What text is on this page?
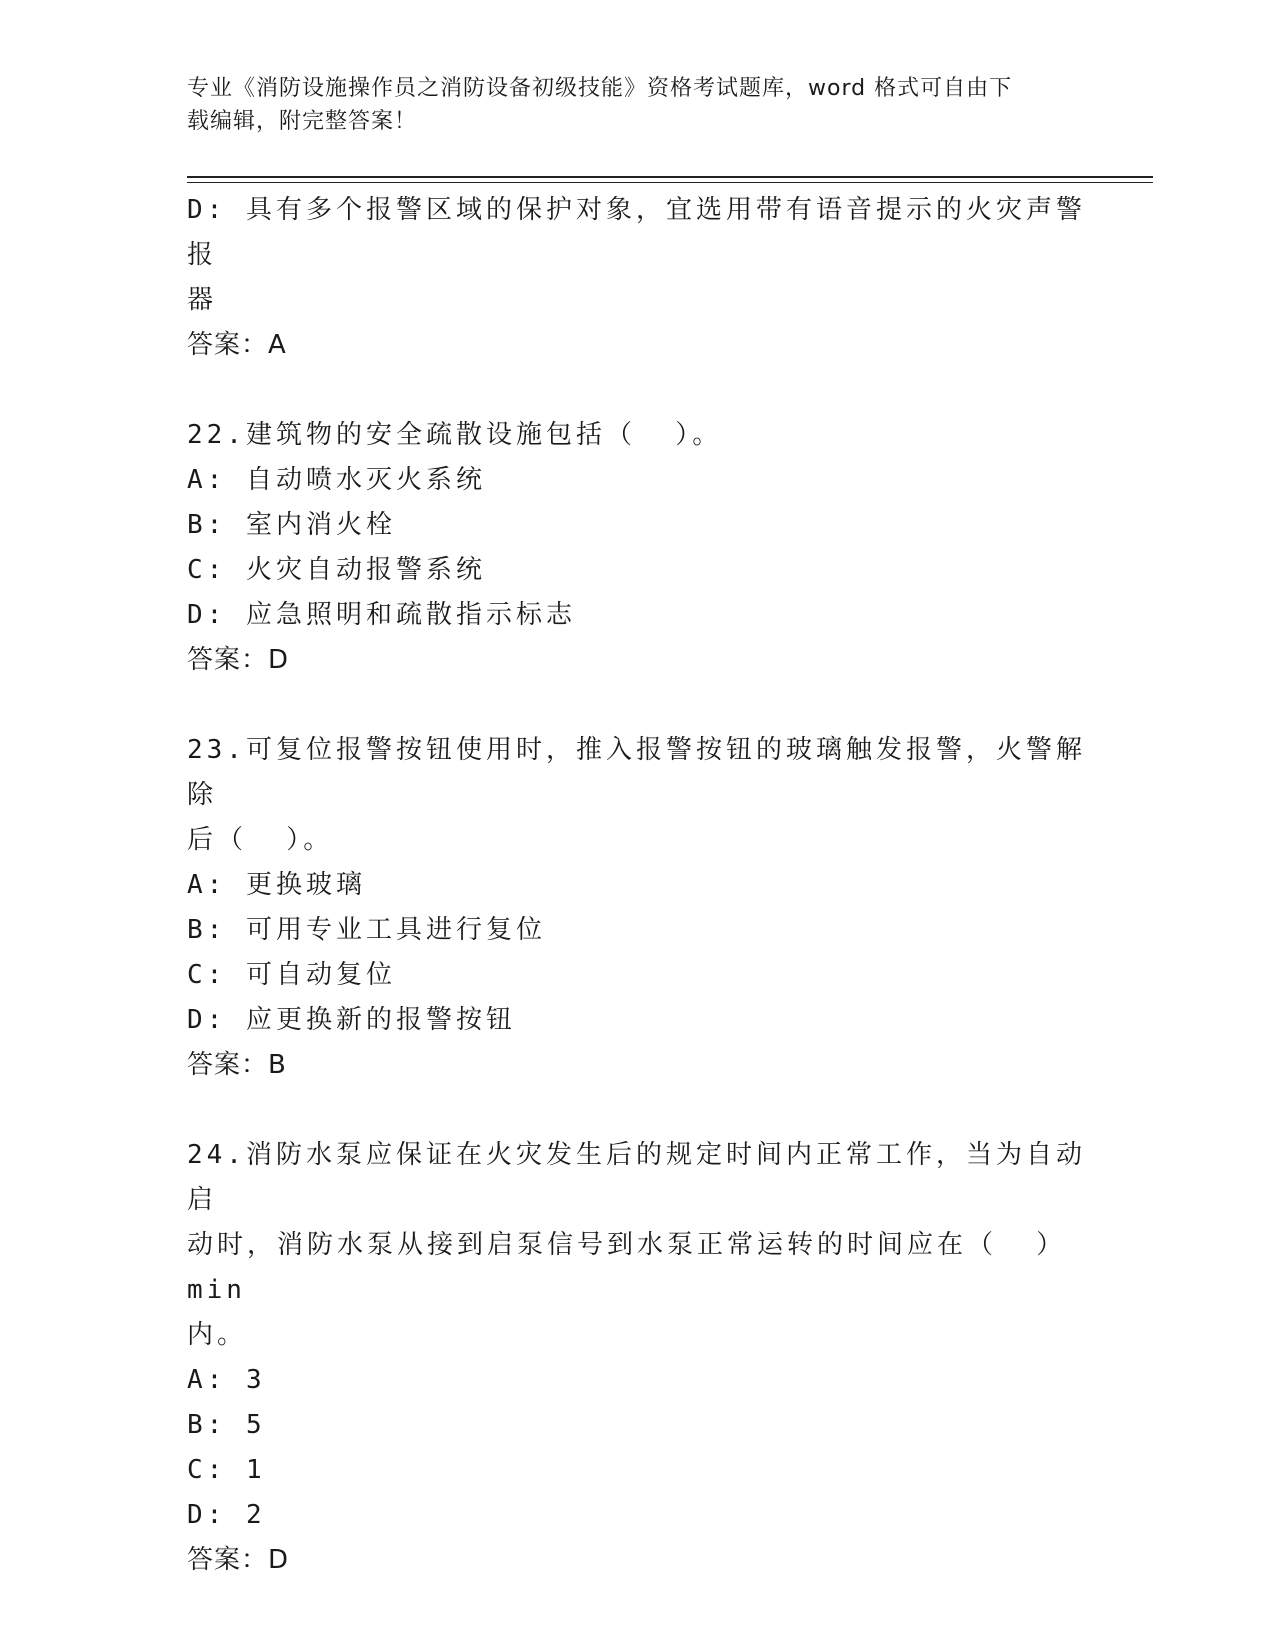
专业《消防设施操作员之消防设备初级技能》资格考试题库，word 格式可自由下
载编辑，附完整答案！
D: 具有多个报警区域的保护对象，宜选用带有语音提示的火灾声警报
器
答案：A
22.建筑物的安全疏散设施包括（  ）。
A: 自动喷水灭火系统
B: 室内消火栓
C: 火灾自动报警系统
D: 应急照明和疏散指示标志
答案：D
23.可复位报警按钮使用时，推入报警按钮的玻璃触发报警，火警解除
后（  ）。
A: 更换玻璃
B: 可用专业工具进行复位
C: 可自动复位
D: 应更换新的报警按钮
答案：B
24.消防水泵应保证在火灾发生后的规定时间内正常工作，当为自动启
动时，消防水泵从接到启泵信号到水泵正常运转的时间应在（  ）min
内。
A: 3
B: 5
C: 1
D: 2
答案：D
